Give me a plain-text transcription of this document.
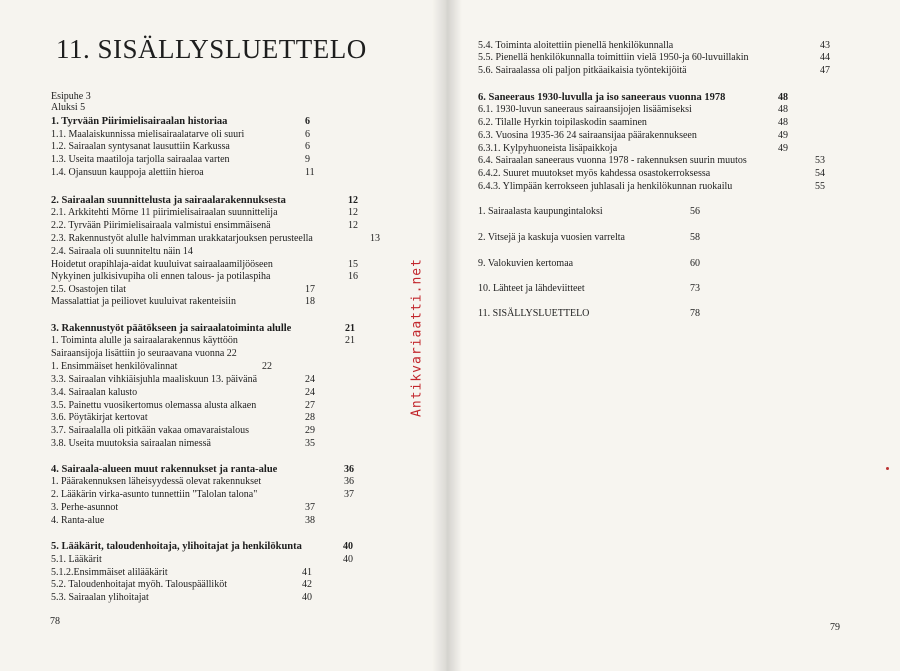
11. SISÄLLYSLUETTELO
Esipuhe 3
Aluksi 5
1. Tyrvään Piirimielisairaalan historiaa	6
1.1. Maalaiskunnissa mielisairaalatarve oli suuri	6
1.2. Sairaalan syntysanat lausuttiin Karkussa	6
1.3. Useita maatiloja tarjolla sairaalaa varten	9
1.4. Ojansuun kauppoja alettiin hieroa	11
2. Sairaalan suunnittelusta ja sairaalarakennuksesta	12
2.1. Arkkitehti Mörne 11 piirimielisairaalan suunnittelija	12
2.2. Tyrvään Piirimielisairaala valmistui ensimmäisenä	12
2.3. Rakennustyöt alulle halvimman urakkatarjouksen perusteella	13
2.4. Sairaala oli suunniteltu näin 14
Hoidetut orapihlaja-aidat kuuluivat sairaalaamiljööseen	15
Nykyinen julkisivupiha oli ennen talous- ja potilaspiha	16
2.5. Osastojen tilat	17
Massalattiat ja peiliovet kuuluivat rakenteisiin	18
3. Rakennustyöt päätökseen ja sairaalatoiminta alulle	21
1. Toiminta alulle ja sairaalarakennus käyttöön	21
Sairaansijoja lisättiin jo seuraavana vuonna 22
1. Ensimmäiset henkilövalinnat	22
3.3. Sairaalan vihkiäisjuhla maaliskuun 13. päivänä	24
3.4. Sairaalan kalusto	24
3.5. Painettu vuosikertomus olemassa alusta alkaen	27
3.6. Pöytäkirjat kertovat	28
3.7. Sairaalalla oli pitkään vakaa omavaraistalous	29
3.8. Useita muutoksia sairaalan nimessä	35
4. Sairaala-alueen muut rakennukset ja ranta-alue	36
1. Päärakennuksen läheisyydessä olevat rakennukset	36
2. Lääkärin virka-asunto tunnettiin "Talolan talona"	37
3. Perhe-asunnot	37
4. Ranta-alue	38
5. Lääkärit, taloudenhoitaja, ylihoitajat ja henkilökunta	40
5.1. Lääkärit	40
5.1.2.Ensimmäiset alilääkärit	41
5.2. Taloudenhoitajat myöh. Talouspäälliköt	42
5.3. Sairaalan ylihoitajat	40
78
5.4. Toiminta aloitettiin pienellä henkilökunnalla	43
5.5. Pienellä henkilökunnalla toimittiin vielä 1950-ja 60-luvuillakin	44
5.6. Sairaalassa oli paljon pitkäaikaisia työntekijöitä	47
6. Saneeraus 1930-luvulla ja iso saneeraus vuonna 1978	48
6.1. 1930-luvun saneeraus sairaansijojen lisäämiseksi	48
6.2. Tilalle Hyrkin toipilaskodin saaminen	48
6.3. Vuosina 1935-36 24 sairaansijaa päärakennukseen	49
6.3.1. Kylpyhuoneista lisäpaikkoja	49
6.4. Sairaalan saneeraus vuonna 1978 - rakennuksen suurin muutos	53
6.4.2. Suuret muutokset myös kahdessa osastokerroksessa	54
6.4.3. Ylimpään kerrokseen juhlasali ja henkilökunnan ruokailu	55
1. Sairaalasta kaupungintaloksi	56
2. Vitsejä ja kaskuja vuosien varrelta	58
9. Valokuvien kertomaa	60
10. Lähteet ja lähdeviitteet	73
11. SISÄLLYSLUETTELO	78
79
Antikvariaatti.net
